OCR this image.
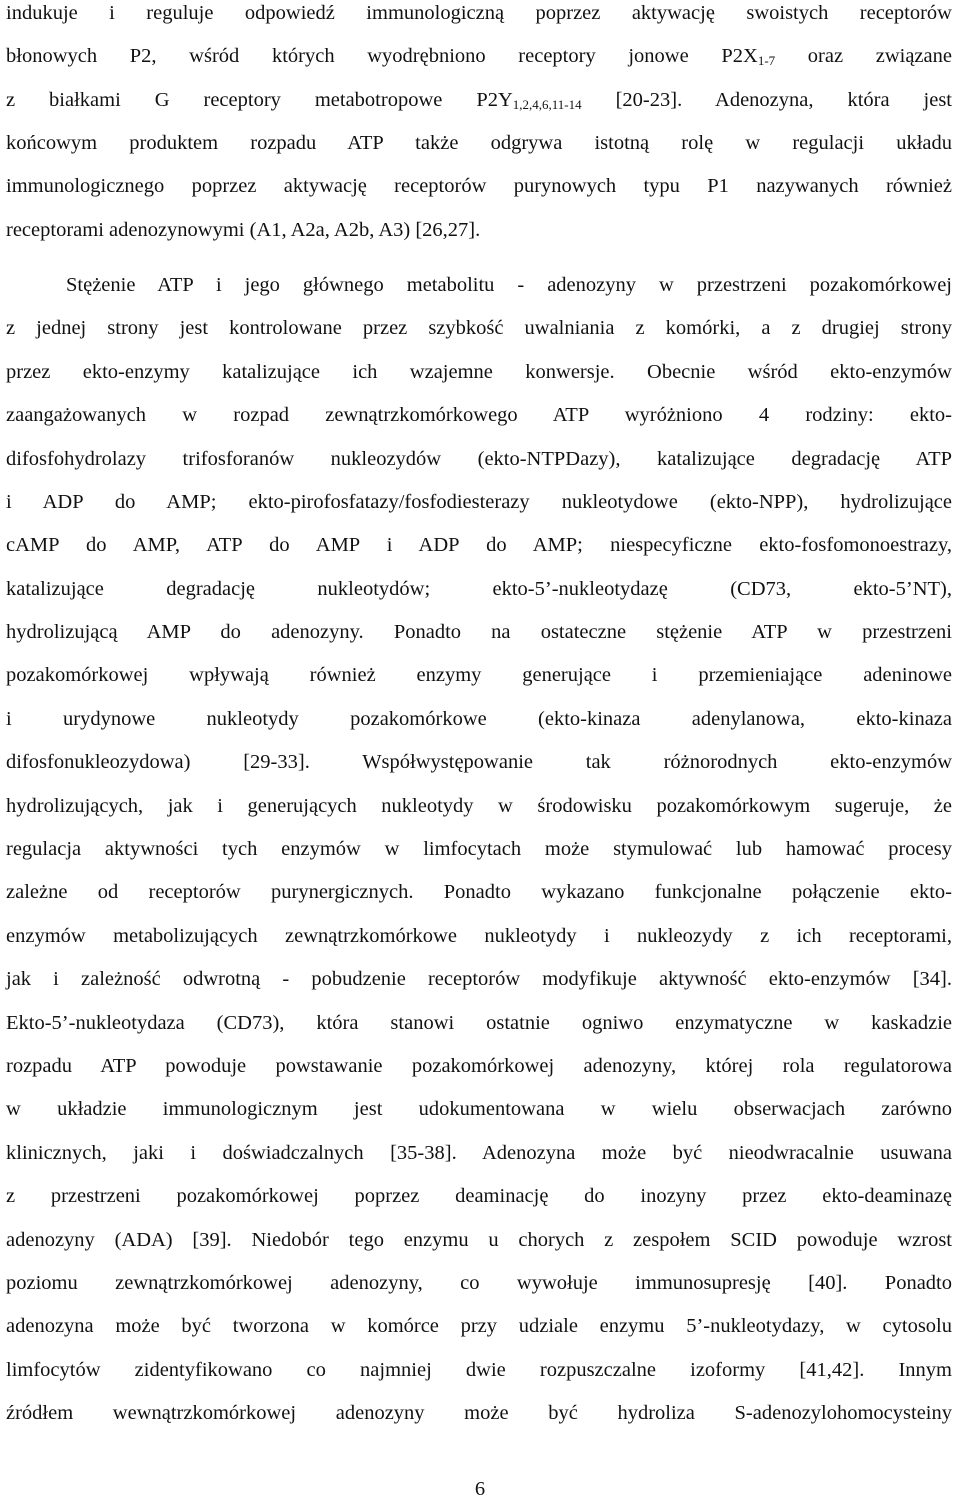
indukuje i reguluje odpowiedź immunologiczną poprzez aktywację swoistych receptorów
błonowych P2, wśród których wyodrębniono receptory jonowe $P2X_{1-7}$ oraz związane
z białkami G receptory metabotropowe $P2Y_{1,2,4,6,11-14}$ [20-23]. Adenozyna, która jest
końcowym produktem rozpadu ATP także odgrywa istotną rolę w regulacji układu
immunologicznego poprzez aktywację receptorów purynowych typu P1 nazywanych również
receptorami adenozynowymi (A1, A2a, A2b, A3) [26,27].
Stężenie ATP i jego głównego metabolitu - adenozyny w przestrzeni pozakomórkowej
z jednej strony jest kontrolowane przez szybkość uwalniania z komórki, a z drugiej strony
przez ekto-enzymy katalizujące ich wzajemne konwersje. Obecnie wśród ekto-enzymów
zaangażowanych w rozpad zewnątrzkomórkowego ATP wyróżniono 4 rodziny: ekto-
difosfohydrolazy trifosforanów nukleozydów (ekto-NTPDazy), katalizujące degradację ATP
i ADP do AMP; ekto-pirofosfatazy/fosfodiesterazy nukleotydowe (ekto-NPP), hydrolizujące
cAMP do AMP, ATP do AMP i ADP do AMP; niespecyficzne ekto-fosfomonoestrazy,
katalizujące degradację nukleotydów; ekto-5’-nukleotydazę (CD73, ekto-5’NT),
hydrolizującą AMP do adenozyny. Ponadto na ostateczne stężenie ATP w przestrzeni
pozakomórkowej wpływają również enzymy generujące i przemieniające adeninowe
i urydynowe nukleotydy pozakomórkowe (ekto-kinaza adenylanowa, ekto-kinaza
difosfonukleozydowa) [29-33]. Współwystępowanie tak różnorodnych ekto-enzymów
hydrolizujących, jak i generujących nukleotydy w środowisku pozakomórkowym sugeruje, że
regulacja aktywności tych enzymów w limfocytach może stymulować lub hamować procesy
zależne od receptorów purynergicznych. Ponadto wykazano funkcjonalne połączenie ekto-
enzymów metabolizujących zewnątrzkomórkowe nukleotydy i nukleozydy z ich receptorami,
jak i zależność odwrotną - pobudzenie receptorów modyfikuje aktywność ekto-enzymów [34].
Ekto-5’-nukleotydaza (CD73), która stanowi ostatnie ogniwo enzymatyczne w kaskadzie
rozpadu ATP powoduje powstawanie pozakomórkowej adenozyny, której rola regulatorowa
w układzie immunologicznym jest udokumentowana w wielu obserwacjach zarówno
klinicznych, jaki i doświadczalnych [35-38]. Adenozyna może być nieodwracalnie usuwana
z przestrzeni pozakomórkowej poprzez deaminację do inozyny przez ekto-deaminazę
adenozyny (ADA) [39]. Niedobór tego enzymu u chorych z zespołem SCID powoduje wzrost
poziomu zewnątrzkomórkowej adenozyny, co wywołuje immunosupresję [40]. Ponadto
adenozyna może być tworzona w komórce przy udziale enzymu 5’-nukleotydazy, w cytosolu
limfocytów zidentyfikowano co najmniej dwie rozpuszczalne izoformy [41,42]. Innym
źródłem wewnątrzkomórkowej adenozyny może być hydroliza S-adenozylohomocysteiny
6
